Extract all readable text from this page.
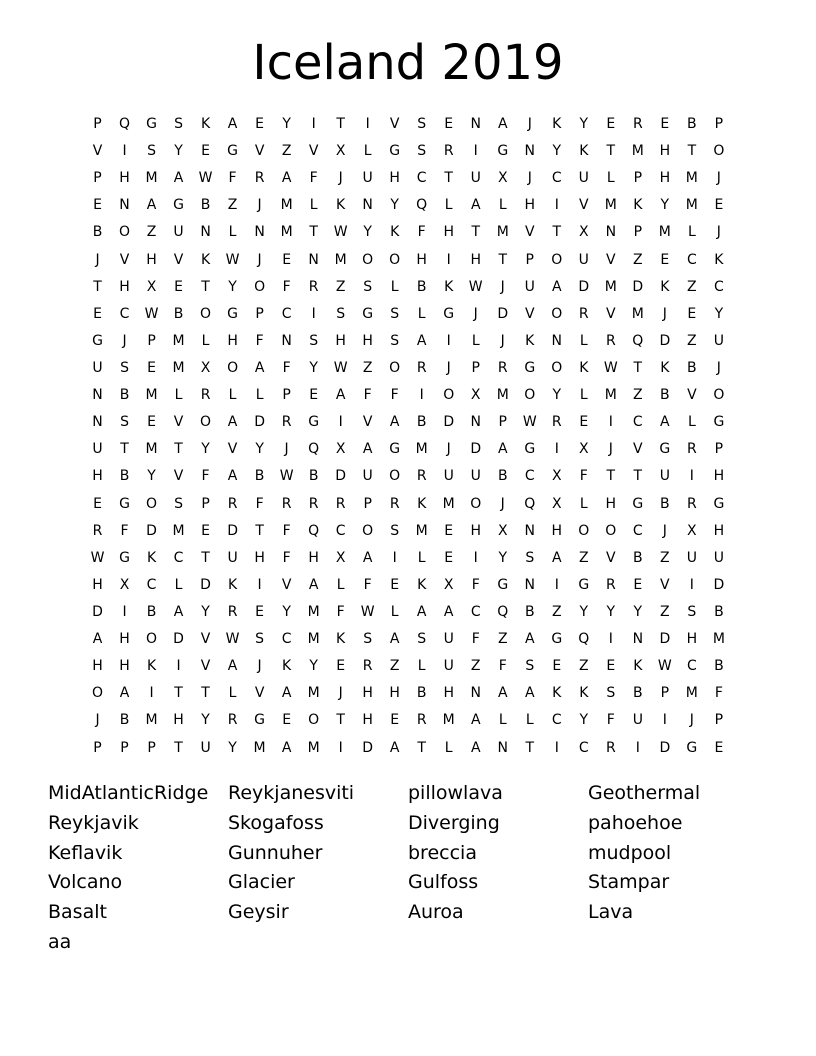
Iceland 2019
P	Q	G	S	K	A	E	Y	I	T	I	V	S	E	N	A	J	K	Y	E	R	E	B	P
V	I	S	Y	E	G	V	Z	V	X	L	G	S	R	I	G	N	Y	K	T	M	H	T	O
P	H	M	A	W	F	R	A	F	J	U	H	C	T	U	X	J	C	U	L	P	H	M	J
E	N	A	G	B	Z	J	M	L	K	N	Y	Q	L	A	L	H	I	V	M	K	Y	M	E
B	O	Z	U	N	L	N	M	T	W	Y	K	F	H	T	M	V	T	X	N	P	M	L	J
J	V	H	V	K	W	J	E	N	M	O	O	H	I	H	T	P	O	U	V	Z	E	C	K
T	H	X	E	T	Y	O	F	R	Z	S	L	B	K	W	J	U	A	D	M	D	K	Z	C
E	C	W	B	O	G	P	C	I	S	G	S	L	G	J	D	V	O	R	V	M	J	E	Y
G	J	P	M	L	H	F	N	S	H	H	S	A	I	L	J	K	N	L	R	Q	D	Z	U
U	S	E	M	X	O	A	F	Y	W	Z	O	R	J	P	R	G	O	K	W	T	K	B	J
N	B	M	L	R	L	L	P	E	A	F	F	I	O	X	M	O	Y	L	M	Z	B	V	O
N	S	E	V	O	A	D	R	G	I	V	A	B	D	N	P	W	R	E	I	C	A	L	G
U	T	M	T	Y	V	Y	J	Q	X	A	G	M	J	D	A	G	I	X	J	V	G	R	P
H	B	Y	V	F	A	B	W	B	D	U	O	R	U	U	B	C	X	F	T	T	U	I	H
E	G	O	S	P	R	F	R	R	R	P	R	K	M	O	J	Q	X	L	H	G	B	R	G
R	F	D	M	E	D	T	F	Q	C	O	S	M	E	H	X	N	H	O	O	C	J	X	H
W	G	K	C	T	U	H	F	H	X	A	I	L	E	I	Y	S	A	Z	V	B	Z	U	U
H	X	C	L	D	K	I	V	A	L	F	E	K	X	F	G	N	I	G	R	E	V	I	D
D	I	B	A	Y	R	E	Y	M	F	W	L	A	A	C	Q	B	Z	Y	Y	Y	Z	S	B
A	H	O	D	V	W	S	C	M	K	S	A	S	U	F	Z	A	G	Q	I	N	D	H	M
H	H	K	I	V	A	J	K	Y	E	R	Z	L	U	Z	F	S	E	Z	E	K	W	C	B
O	A	I	T	T	L	V	A	M	J	H	H	B	H	N	A	A	K	K	S	B	P	M	F
J	B	M	H	Y	R	G	E	O	T	H	E	R	M	A	L	L	C	Y	F	U	I	J	P
P	P	P	T	U	Y	M	A	M	I	D	A	T	L	A	N	T	I	C	R	I	D	G	E
MidAtlanticRidge	Reykjanesviti	pillowlava	Geothermal
Reykjavik	Skogafoss	Diverging	pahoehoe
Keflavik	Gunnuher	breccia	mudpool
Volcano	Glacier	Gulfoss	Stampar
Basalt	Geysir	Auroa	Lava
aa
